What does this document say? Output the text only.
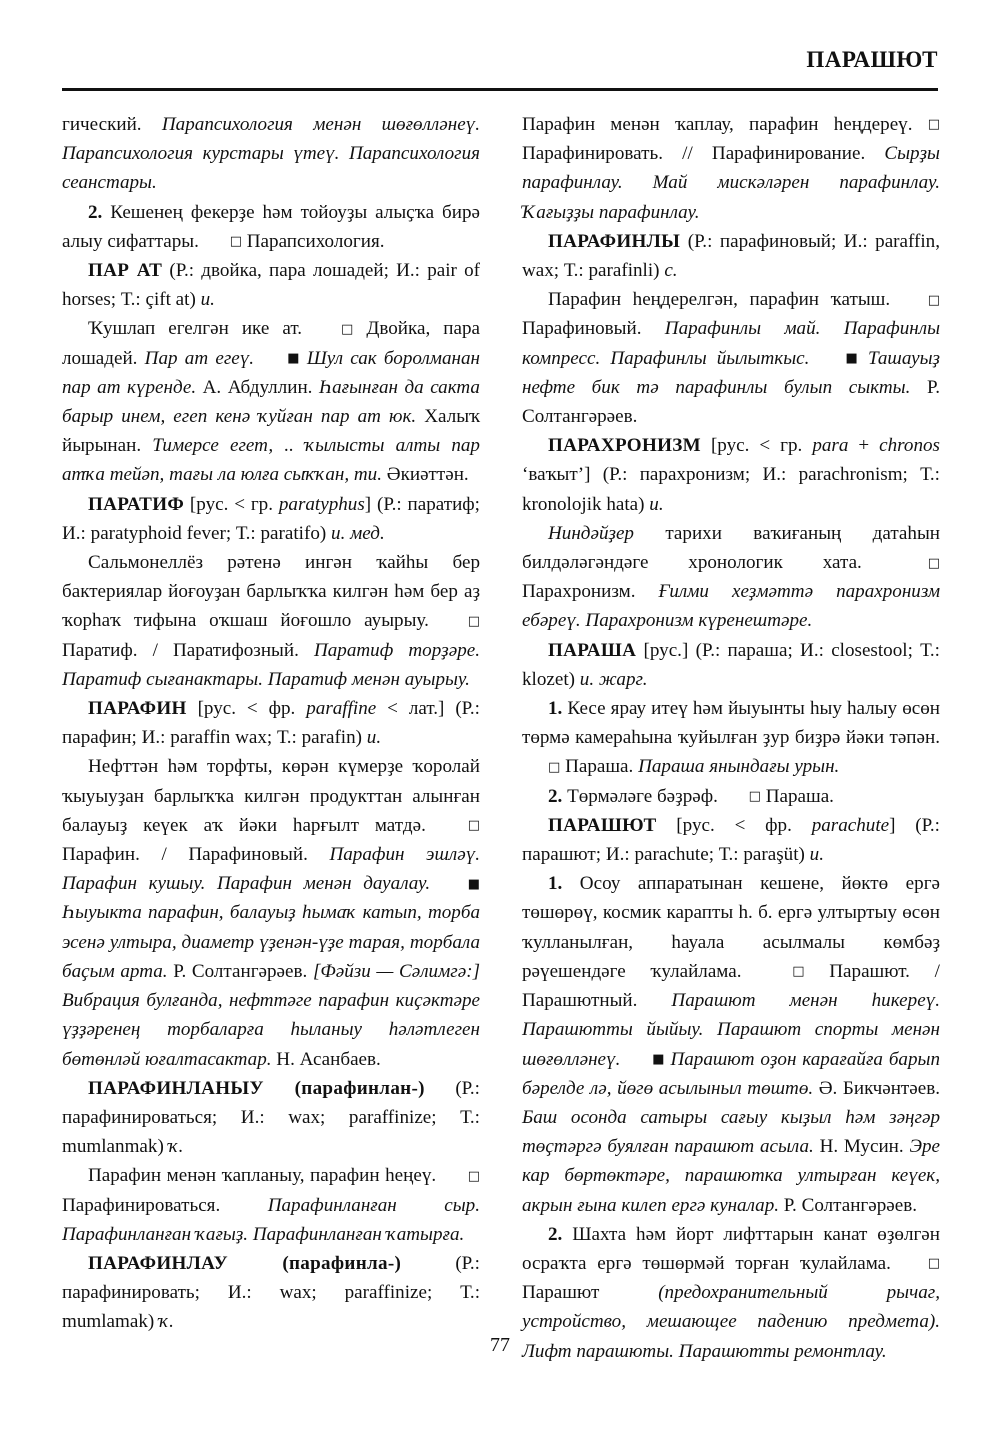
ПАРАШЮТ

гический. Парапсихология менән шөғөлләнеү. Парапсихология курстары үтеү. Парапсихология сеанстары.

2. Кешенең фекерҙе һәм тойоуҙы алыҫҡа бирә алыу сифаттары. □ Парапсихология.

ПАР АТ (Р.: двойка, пара лошадей; И.: pair of horses; Т.: çift at) и.

Ҡушлап егелгән ике ат. □ Двойка, пара лошадей. Пар ат егеү. ■	Шул сак боролманан пар ат күренде. А. Абдуллин. Һағынған да сакта барыр инем, егеп кенә ҡуйған пар ат юк. Халыҡ йырынан. Тимерсе егет, .. ҡылысты алты пар атҡа тейәп, тағы ла юлға сыҡҡан, ти. Әкиәттән.

ПАРАТИФ [рус. < гр. paratyphus] (Р.: паратиф; И.: paratyphoid fever; Т.: paratifo) и. мед.

Сальмонеллёз рәтенә ингән ҡайһы бер бактериялар йоғоуҙан барлыҡҡа килгән һәм бер аҙ ҡорһаҡ тифына оҡшаш йоғошло ауырыу. □ Паратиф. / Паратифозный. Паратиф торҙәре. Паратиф сығанактары. Паратиф менән ауырыу.

ПАРАФИН [рус. < фр. paraffine < лат.] (Р.: парафин; И.: paraffin wax; Т.: parafin) и.

Нефттән һәм торфты, көрән күмерҙе ҡоролай ҡыуыуҙан барлыҡҡа килгән продукттан алынған балауыҙ кеүек аҡ йәки һарғылт матдә. □ Парафин. / Парафиновый. Парафин эшләү. Парафин кушыу. Парафин менән дауалау. ■ Һыуыкта парафин, балауыҙ һымаҡ катып, торба эсенә ултыра, диаметр үҙенән-үҙе тарая, торбала баҫым арта. Р. Солтангәрәев. [Фәйзи — Сәлимгә:] Вибрация булғанда, нефттәге парафин киҫәктәре үҙҙәренең торбаларға һыланыу һәләтлеген бөтөнләй юғалтасактар. Н. Асанбаев.

ПАРАФИНЛАНЫУ (парафинлан-) (Р.: парафинироваться; И.: wax; paraffinize; Т.: mumlanmak) ҡ.

Парафин менән ҡапланыу, парафин һеңеү. □ Парафинироваться. Парафинланған сыр. Парафинланған ҡағыҙ. Парафинланған ҡатырға.

ПАРАФИНЛАУ (парафинла-) (Р.: парафинировать; И.: wax; paraffinize; Т.: mumlamak) ҡ.

Парафин менән ҡаплау, парафин һеңдереү. □ Парафинировать. // Парафинирование. Сырҙы парафинлау. Май мискәләрен парафинлау. Ҡағыҙҙы парафинлау.

ПАРАФИНЛЫ (Р.: парафиновый; И.: paraffin, wax; Т.: parafinli) с.

Парафин һеңдерелгән, парафин ҡатыш. □ Парафиновый. Парафинлы май. Парафинлы компресс. Парафинлы йылыткыс. ■	Ташауыҙ нефте бик тә парафинлы булып сыкты. Р. Солтангәрәев.

ПАРАХРОНИЗМ [рус. < гр. para + chronos ‘ваҡыт’] (Р.: парахронизм; И.: parachronism; Т.: kronolojik hata) и.

Ниндәйҙер тарихи ваҡиғаның датаһын билдәләгәндәге хронологик хата. □ Парахронизм. Ғилми хеҙмәттә парахронизм ебәреү. Парахронизм күренештәре.

ПАРАША [рус.] (Р.: параша; И.: closestool; Т.: klozet) и. жарг.

1. Кесе ярау итеү һәм йыуынты һыу һалыу өсөн төрмә камераһына ҡуйылған ҙур биҙрә йәки тәпән. □ Параша. Параша янындағы урын.

2. Төрмәләге бәҙрәф. □ Параша.

ПАРАШЮТ [рус. < фр. parachute] (Р.: парашют; И.: parachute; Т.: paraşüt) и.

1. Осоу аппаратынан кешене, йөктө ергә төшөрөү, космик карапты һ. б. ергә ултыртыу өсөн ҡулланылған, һауала асылмалы көмбәҙ рәүешендәге ҡулайлама. □ Парашют. / Парашютный. Парашют менән һикереү. Парашютты йыйыу. Парашют спорты менән шөғөлләнеү. ■	Парашют оҙон карағайға барып бәрелде лә, йөгө асылыныл төштө. Ә. Бикчәнтәев. Баш осонда сатыры сағыу кыҙыл һәм зәңгәр төҫтәргә буялған парашют асыла. Н. Мусин. Эре кар бөртөктәре, парашютка ултырған кеүек, акрын ғына килеп ергә куналар. Р. Солтангәрәев.

2. Шахта һәм йорт лифттарын канат өҙөлгән осраҡта ергә төшөрмәй торған ҡулайлама. □ Парашют (предохранительный рычаг, устройство, мешающее падению предмета). Лифт парашюты. Парашютты ремонтлау.

77
